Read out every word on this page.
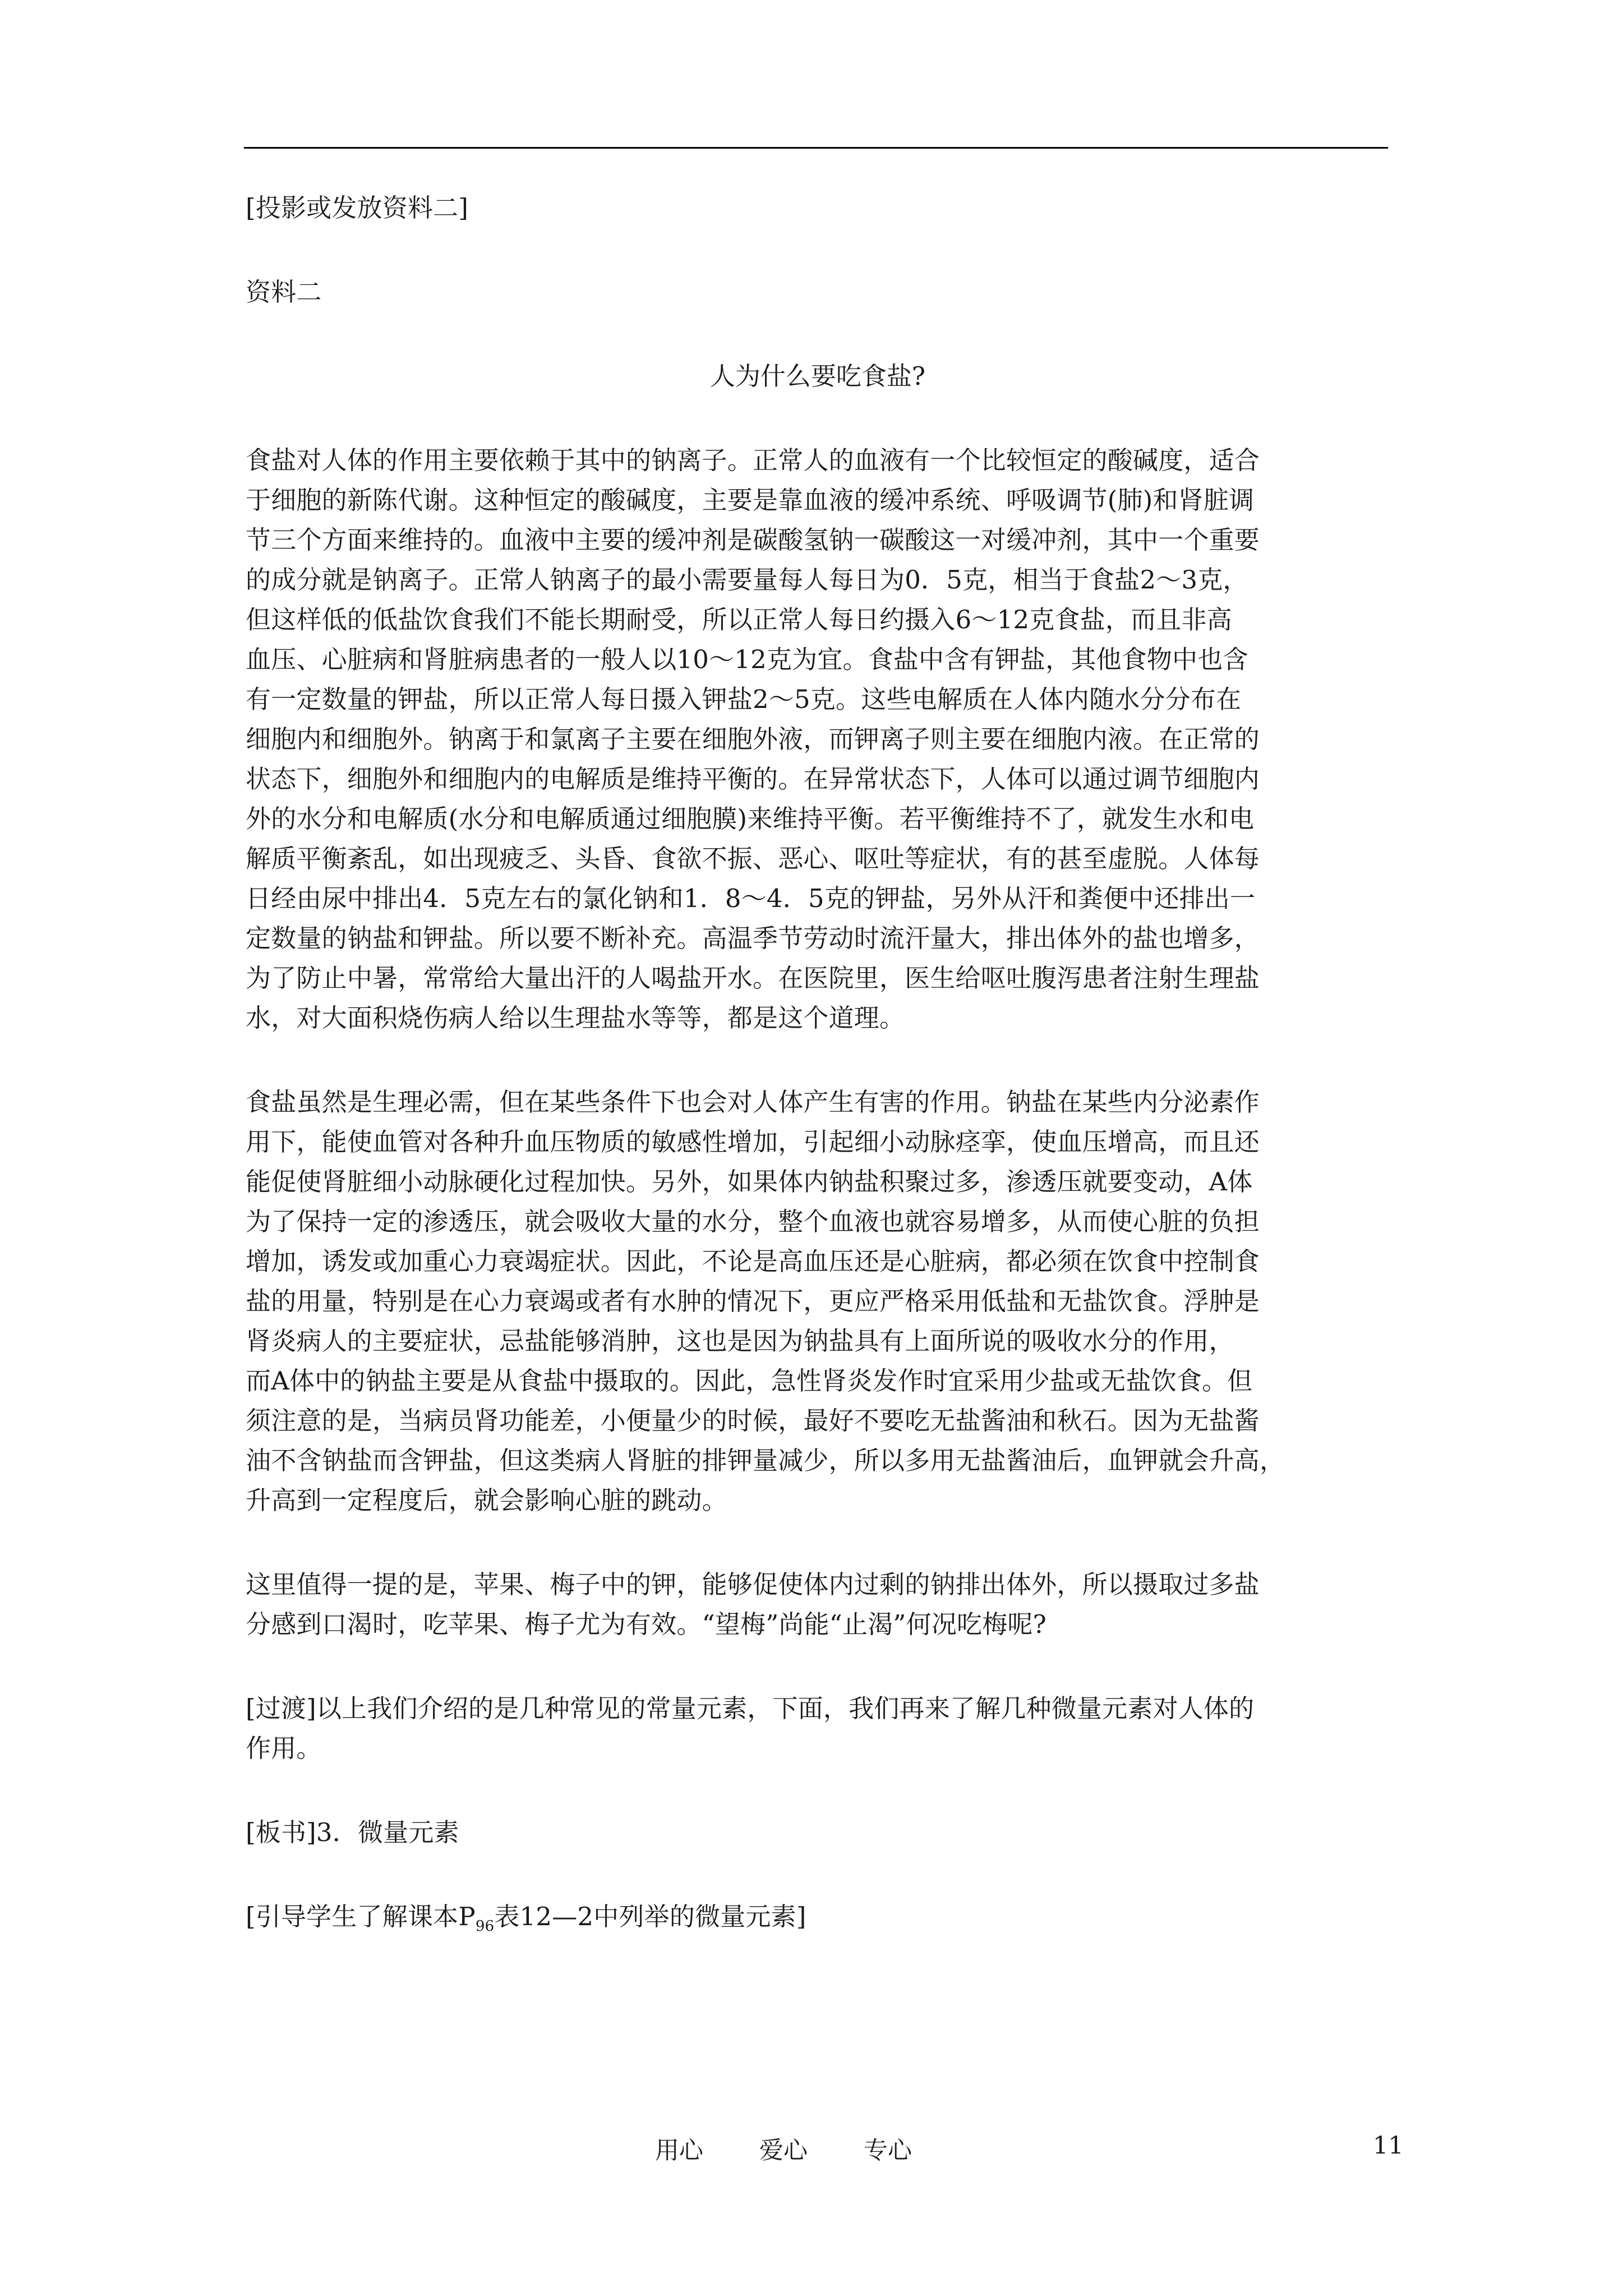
[投影或发放资料二]
资料二
人为什么要吃食盐?
食盐对人体的作用主要依赖于其中的钠离子。正常人的血液有一个比较恒定的酸碱度，适合
于细胞的新陈代谢。这种恒定的酸碱度，主要是靠血液的缓冲系统、呼吸调节(肺)和肾脏调
节三个方面来维持的。血液中主要的缓冲剂是碳酸氢钠一碳酸这一对缓冲剂，其中一个重要
的成分就是钠离子。正常人钠离子的最小需要量每人每日为0．5克，相当于食盐2～3克，
但这样低的低盐饮食我们不能长期耐受，所以正常人每日约摄入6～12克食盐，而且非高
血压、心脏病和肾脏病患者的一般人以10～12克为宜。食盐中含有钾盐，其他食物中也含
有一定数量的钾盐，所以正常人每日摄入钾盐2～5克。这些电解质在人体内随水分分布在
细胞内和细胞外。钠离于和氯离子主要在细胞外液，而钾离子则主要在细胞内液。在正常的
状态下，细胞外和细胞内的电解质是维持平衡的。在异常状态下，人体可以通过调节细胞内
外的水分和电解质(水分和电解质通过细胞膜)来维持平衡。若平衡维持不了，就发生水和电
解质平衡紊乱，如出现疲乏、头昏、食欲不振、恶心、呕吐等症状，有的甚至虚脱。人体每
日经由尿中排出4．5克左右的氯化钠和1．8～4．5克的钾盐，另外从汗和粪便中还排出一
定数量的钠盐和钾盐。所以要不断补充。高温季节劳动时流汗量大，排出体外的盐也增多，
为了防止中暑，常常给大量出汗的人喝盐开水。在医院里，医生给呕吐腹泻患者注射生理盐
水，对大面积烧伤病人给以生理盐水等等，都是这个道理。
食盐虽然是生理必需，但在某些条件下也会对人体产生有害的作用。钠盐在某些内分泌素作
用下，能使血管对各种升血压物质的敏感性增加，引起细小动脉痉挛，使血压增高，而且还
能促使肾脏细小动脉硬化过程加快。另外，如果体内钠盐积聚过多，渗透压就要变动，A体
为了保持一定的渗透压，就会吸收大量的水分，整个血液也就容易增多，从而使心脏的负担
增加，诱发或加重心力衰竭症状。因此，不论是高血压还是心脏病，都必须在饮食中控制食
盐的用量，特别是在心力衰竭或者有水肿的情况下，更应严格采用低盐和无盐饮食。浮肿是
肾炎病人的主要症状，忌盐能够消肿，这也是因为钠盐具有上面所说的吸收水分的作用，
而A体中的钠盐主要是从食盐中摄取的。因此，急性肾炎发作时宜采用少盐或无盐饮食。但
须注意的是，当病员肾功能差，小便量少的时候，最好不要吃无盐酱油和秋石。因为无盐酱
油不含钠盐而含钾盐，但这类病人肾脏的排钾量减少，所以多用无盐酱油后，血钾就会升高，
升高到一定程度后，就会影响心脏的跳动。
这里值得一提的是，苹果、梅子中的钾，能够促使体内过剩的钠排出体外，所以摄取过多盐
分感到口渴时，吃苹果、梅子尤为有效。“望梅”尚能“止渴”何况吃梅呢?
[过渡]以上我们介绍的是几种常见的常量元素，下面，我们再来了解几种微量元素对人体的
作用。
[板书]3．微量元素
[引导学生了解课本$P_{96}$表12—2中列举的微量元素]
用心 爱心 专心	11
